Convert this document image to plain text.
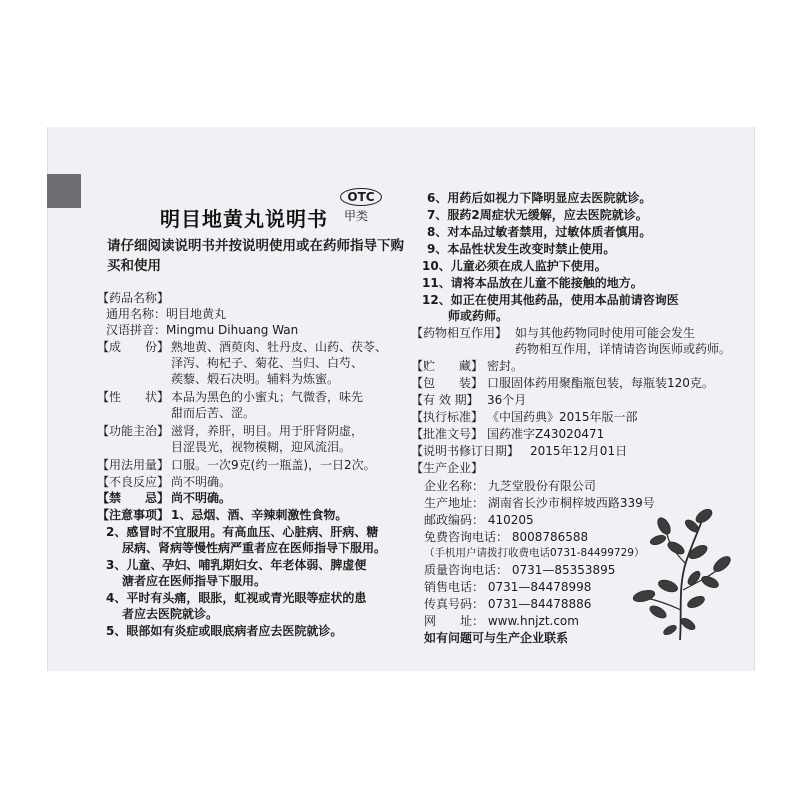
明目地黄丸说明书
OTC
甲类
请仔细阅读说明书并按说明使用或在药师指导下购买和使用
【药品名称】
通用名称：明目地黄丸
汉语拼音：Mingmu Dihuang Wan
【成　　份】 熟地黄、酒萸肉、牡丹皮、山药、茯苓、
泽泻、枸杞子、菊花、当归、白芍、
蒺藜、煅石决明。辅料为炼蜜。
【性　　状】 本品为黑色的小蜜丸；气微香，味先
甜而后苦、涩。
【功能主治】 滋肾，养肝，明目。用于肝肾阴虚，
目涩畏光，视物模糊，迎风流泪。
【用法用量】 口服。一次9克(约一瓶盖)，一日2次。
【不良反应】 尚不明确。
【禁　　忌】 尚不明确。
【注意事项】 1、忌烟、酒、辛辣刺激性食物。
2、感冒时不宜服用。有高血压、心脏病、肝病、糖
尿病、肾病等慢性病严重者应在医师指导下服用。
3、儿童、孕妇、哺乳期妇女、年老体弱、脾虚便
溏者应在医师指导下服用。
4、平时有头痛，眼胀，虹视或青光眼等症状的患
者应去医院就诊。
5、眼部如有炎症或眼底病者应去医院就诊。
6、用药后如视力下降明显应去医院就诊。
7、服药2周症状无缓解，应去医院就诊。
8、对本品过敏者禁用，过敏体质者慎用。
9、本品性状发生改变时禁止使用。
10、儿童必须在成人监护下使用。
11、请将本品放在儿童不能接触的地方。
12、如正在使用其他药品，使用本品前请咨询医
师或药师。
【药物相互作用】 如与其他药物同时使用可能会发生
药物相互作用，详情请咨询医师或药师。
【贮　　藏】 密封。
【包　　装】 口服固体药用聚酯瓶包装，每瓶装120克。
【有 效 期】 36个月
【执行标准】 《中国药典》2015年版一部
【批准文号】 国药准字Z43020471
【说明书修订日期】 2015年12月01日
【生产企业】
企业名称： 九芝堂股份有限公司
生产地址： 湖南省长沙市桐梓坡西路339号
邮政编码： 410205
免费咨询电话： 8008786588
（手机用户请拨打收费电话0731-84499729）
质量咨询电话： 0731—85353895
销售电话： 0731—84478998
传真号码： 0731—84478886
网　　址： www.hnjzt.com
如有问题可与生产企业联系
